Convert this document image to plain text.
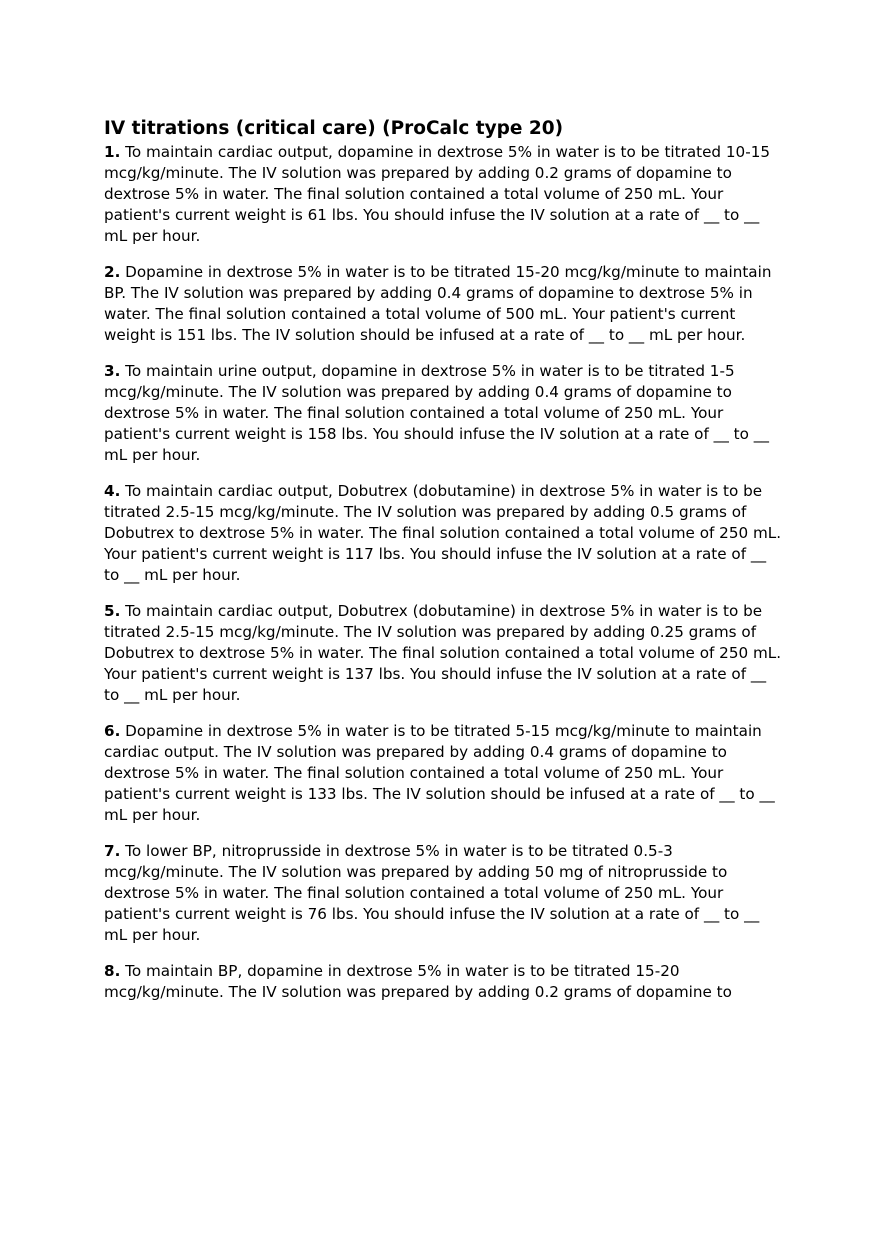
IV titrations (critical care) (ProCalc type 20)

1. To maintain cardiac output, dopamine in dextrose 5% in water is to be titrated 10-15 mcg/kg/minute. The IV solution was prepared by adding 0.2 grams of dopamine to dextrose 5% in water. The final solution contained a total volume of 250 mL. Your patient's current weight is 61 lbs. You should infuse the IV solution at a rate of __ to __ mL per hour.

2. Dopamine in dextrose 5% in water is to be titrated 15-20 mcg/kg/minute to maintain BP. The IV solution was prepared by adding 0.4 grams of dopamine to dextrose 5% in water. The final solution contained a total volume of 500 mL. Your patient's current weight is 151 lbs. The IV solution should be infused at a rate of __ to __ mL per hour.

3. To maintain urine output, dopamine in dextrose 5% in water is to be titrated 1-5 mcg/kg/minute. The IV solution was prepared by adding 0.4 grams of dopamine to dextrose 5% in water. The final solution contained a total volume of 250 mL. Your patient's current weight is 158 lbs. You should infuse the IV solution at a rate of __ to __ mL per hour.

4. To maintain cardiac output, Dobutrex (dobutamine) in dextrose 5% in water is to be titrated 2.5-15 mcg/kg/minute. The IV solution was prepared by adding 0.5 grams of Dobutrex to dextrose 5% in water. The final solution contained a total volume of 250 mL. Your patient's current weight is 117 lbs. You should infuse the IV solution at a rate of __ to __ mL per hour.

5. To maintain cardiac output, Dobutrex (dobutamine) in dextrose 5% in water is to be titrated 2.5-15 mcg/kg/minute. The IV solution was prepared by adding 0.25 grams of Dobutrex to dextrose 5% in water. The final solution contained a total volume of 250 mL. Your patient's current weight is 137 lbs. You should infuse the IV solution at a rate of __ to __ mL per hour.

6. Dopamine in dextrose 5% in water is to be titrated 5-15 mcg/kg/minute to maintain cardiac output. The IV solution was prepared by adding 0.4 grams of dopamine to dextrose 5% in water. The final solution contained a total volume of 250 mL. Your patient's current weight is 133 lbs. The IV solution should be infused at a rate of __ to __ mL per hour.

7. To lower BP, nitroprusside in dextrose 5% in water is to be titrated 0.5-3 mcg/kg/minute. The IV solution was prepared by adding 50 mg of nitroprusside to dextrose 5% in water. The final solution contained a total volume of 250 mL. Your patient's current weight is 76 lbs. You should infuse the IV solution at a rate of __ to __ mL per hour.

8. To maintain BP, dopamine in dextrose 5% in water is to be titrated 15-20 mcg/kg/minute. The IV solution was prepared by adding 0.2 grams of dopamine to
